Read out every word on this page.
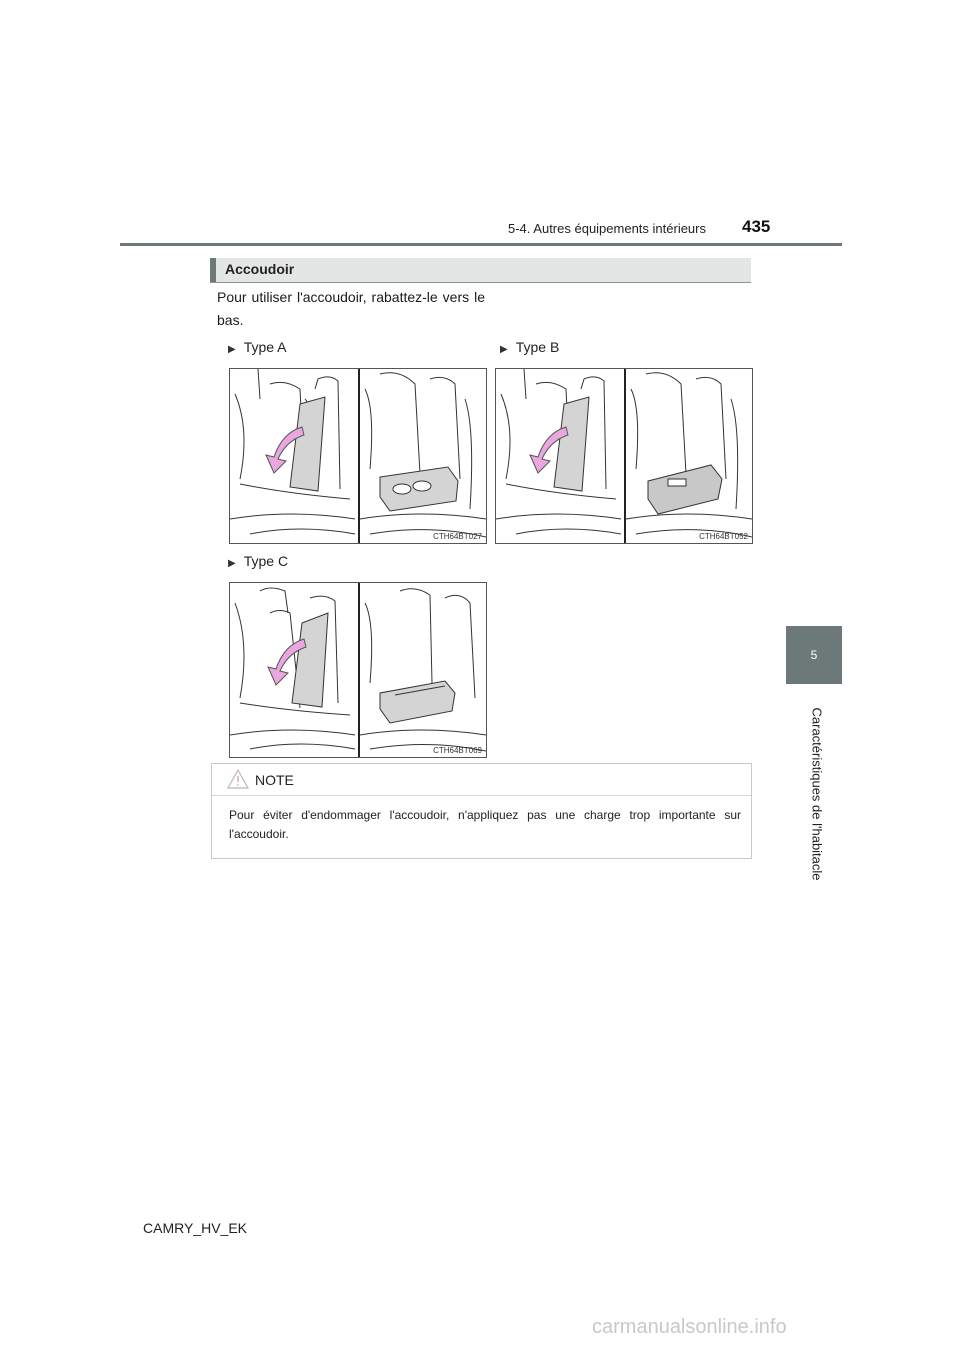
5-4. Autres équipements intérieurs 435
5
Caractéristiques de l'habitacle
Accoudoir
Pour utiliser l'accoudoir, rabattez-le vers le bas.
▶ Type A	▶ Type B
▶ Type C
CTH64BT027	CTH64BT052
CTH64BT069
NOTE
Pour éviter d'endommager l'accoudoir, n'appliquez pas une charge trop importante sur l'accoudoir.
CAMRY_HV_EK
carmanualsonline.info
